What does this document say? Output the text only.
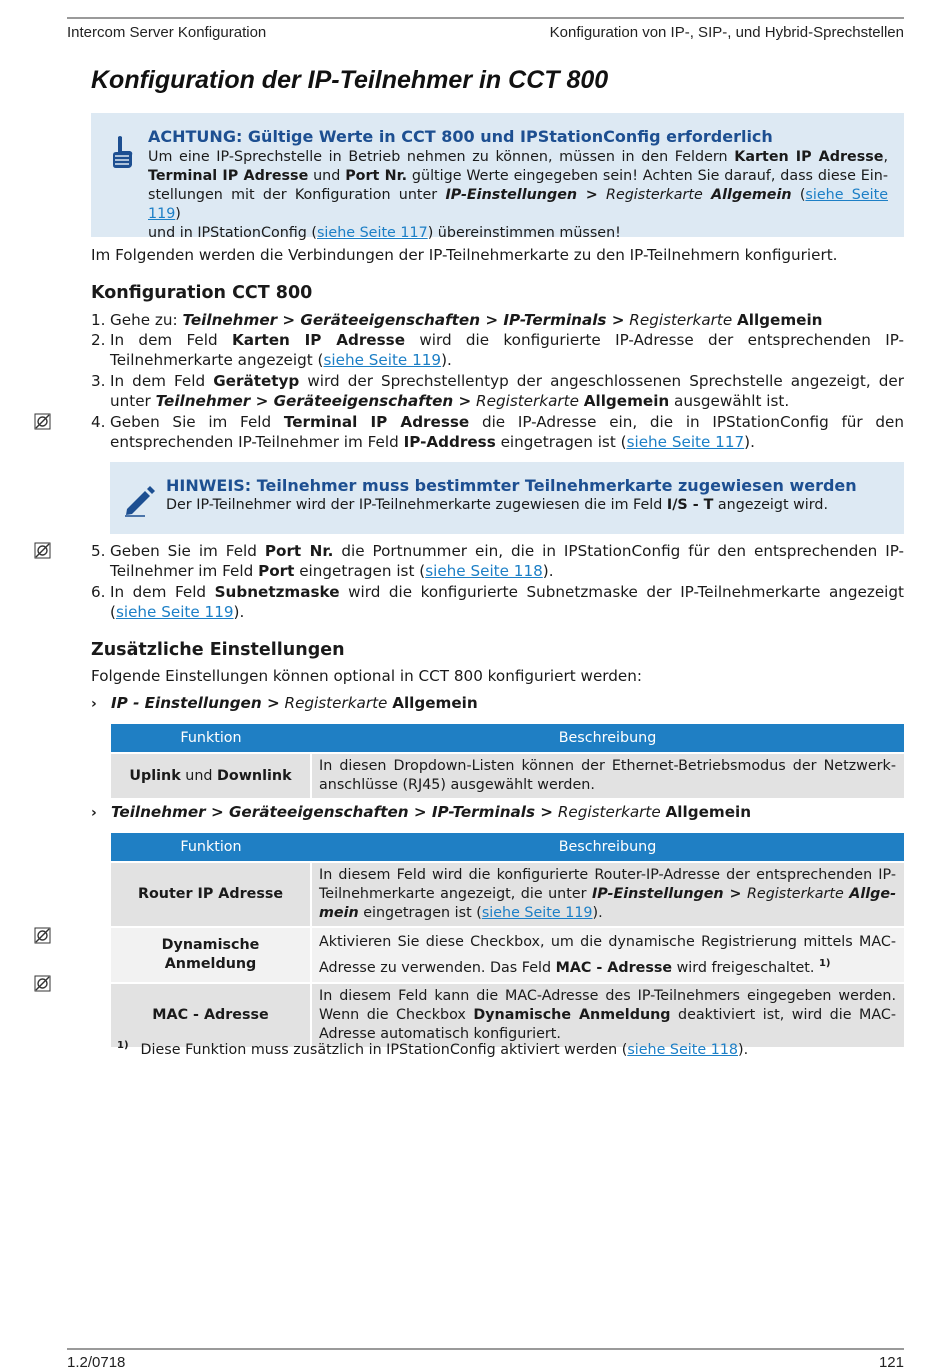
Intercom Server Konfiguration	Konfiguration von IP-, SIP-, und Hybrid-Sprechstellen
Konfiguration der IP-Teilnehmer in CCT 800
ACHTUNG: Gültige Werte in CCT 800 und IPStationConfig erforderlich
Um eine IP-Sprechstelle in Betrieb nehmen zu können, müssen in den Feldern Karten IP Adresse,
Terminal IP Adresse und Port Nr. gültige Werte eingegeben sein! Achten Sie darauf, dass diese Ein-
stellungen mit der Konfiguration unter IP-Einstellungen > Registerkarte Allgemein (siehe Seite 119)
und in IPStationConfig (siehe Seite 117) übereinstimmen müssen!
Im Folgenden werden die Verbindungen der IP-Teilnehmerkarte zu den IP-Teilnehmern konfiguriert.
Konfiguration CCT 800
1. Gehe zu: Teilnehmer > Geräteeigenschaften > IP-Terminals > Registerkarte Allgemein
2. In dem Feld Karten IP Adresse wird die konfigurierte IP-Adresse der entsprechenden IP-Teilnehmerkarte angezeigt (siehe Seite 119).
3. In dem Feld Gerätetyp wird der Sprechstellentyp der angeschlossenen Sprechstelle angezeigt, der unter Teilnehmer > Geräteeigenschaften > Registerkarte Allgemein ausgewählt ist.
4. Geben Sie im Feld Terminal IP Adresse die IP-Adresse ein, die in IPStationConfig für den entsprechenden IP-Teilnehmer im Feld IP-Address eingetragen ist (siehe Seite 117).
HINWEIS: Teilnehmer muss bestimmter Teilnehmerkarte zugewiesen werden
Der IP-Teilnehmer wird der IP-Teilnehmerkarte zugewiesen die im Feld I/S - T angezeigt wird.
5. Geben Sie im Feld Port Nr. die Portnummer ein, die in IPStationConfig für den entsprechenden IP-Teilnehmer im Feld Port eingetragen ist (siehe Seite 118).
6. In dem Feld Subnetzmaske wird die konfigurierte Subnetzmaske der IP-Teilnehmerkarte angezeigt (siehe Seite 119).
Zusätzliche Einstellungen
Folgende Einstellungen können optional in CCT 800 konfiguriert werden:
› IP - Einstellungen > Registerkarte Allgemein
Funktion	Beschreibung
Uplink und Downlink	In diesen Dropdown-Listen können der Ethernet-Betriebsmodus der Netzwerk-anschlüsse (RJ45) ausgewählt werden.
› Teilnehmer > Geräteeigenschaften > IP-Terminals > Registerkarte Allgemein
Funktion	Beschreibung
Router IP Adresse	In diesem Feld wird die konfigurierte Router-IP-Adresse der entsprechenden IP-Teilnehmerkarte angezeigt, die unter IP-Einstellungen > Registerkarte Allge-mein eingetragen ist (siehe Seite 119).

Dynamische
Anmeldung	Aktivieren Sie diese Checkbox, um die dynamische Registrierung mittels MAC-Adresse zu verwenden. Das Feld MAC - Adresse wird freigeschaltet. $^{1)}$
MAC - Adresse	In diesem Feld kann die MAC-Adresse des IP-Teilnehmers eingegeben werden. Wenn die Checkbox Dynamische Anmeldung deaktiviert ist, wird die MAC-Adresse automatisch konfiguriert.
$^{1)}$ Diese Funktion muss zusätzlich in IPStationConfig aktiviert werden (siehe Seite 118).
1.2/0718	121
